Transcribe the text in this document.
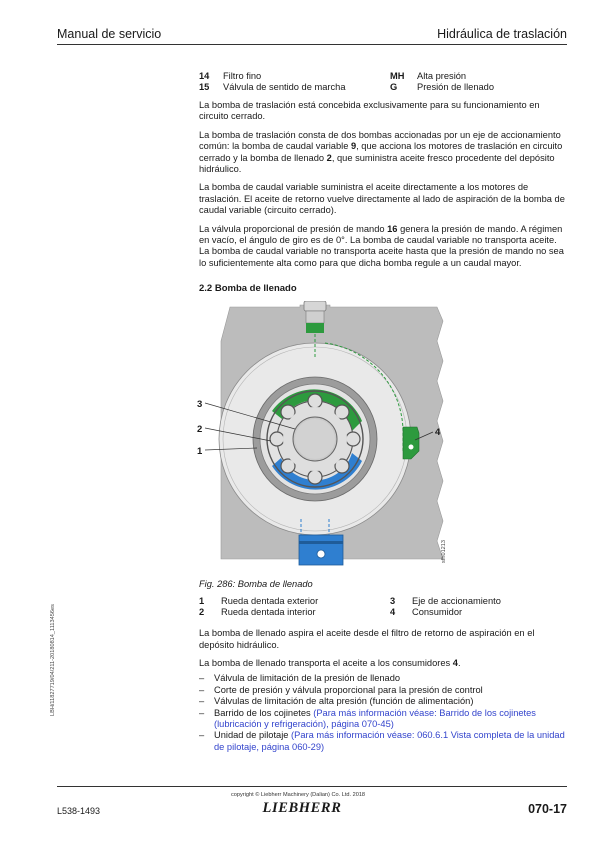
Manual de servicio	Hidráulica de traslación
LBH/11827719/04/211-20180814_1113456es
14 Filtro fino
15 Válvula de sentido de marcha
MH Alta presión
G Presión de llenado

La bomba de traslación está concebida exclusivamente para su funcionamiento en circuito cerrado.

La bomba de traslación consta de dos bombas accionadas por un eje de accionamiento común: la bomba de caudal variable 9, que acciona los motores de traslación en circuito cerrado y la bomba de llenado 2, que suministra aceite fresco procedente del depósito hidráulico.

La bomba de caudal variable suministra el aceite directamente a los motores de traslación. El aceite de retorno vuelve directamente al lado de aspiración de la bomba de caudal variable (circuito cerrado).

La válvula proporcional de presión de mando 16 genera la presión de mando. A régimen en vacío, el ángulo de giro es de 0°. La bomba de caudal variable no transporta aceite. La bomba de caudal variable no transporta aceite hasta que la presión de mando no sea lo suficientemente alta como para que dicha bomba regule a un caudal mayor.

2.2 Bomba de llenado
3
2
1
4
sfh01213
Fig. 286: Bomba de llenado
1 Rueda dentada exterior
2 Rueda dentada interior
3 Eje de accionamiento
4 Consumidor

La bomba de llenado aspira el aceite desde el filtro de retorno de aspiración en el depósito hidráulico.

La bomba de llenado transporta el aceite a los consumidores 4.

– Válvula de limitación de la presión de llenado
– Corte de presión y válvula proporcional para la presión de control
– Válvulas de limitación de alta presión (función de alimentación)
– Barrido de los cojinetes (Para más información véase: Barrido de los cojinetes (lubricación y refrigeración), página 070-45)
– Unidad de pilotaje (Para más información véase: 060.6.1 Vista completa de la unidad de pilotaje, página 060-29)
copyright © Liebherr Machinery (Dalian) Co. Ltd. 2018
LIEBHERR
L538-1493	070-17
